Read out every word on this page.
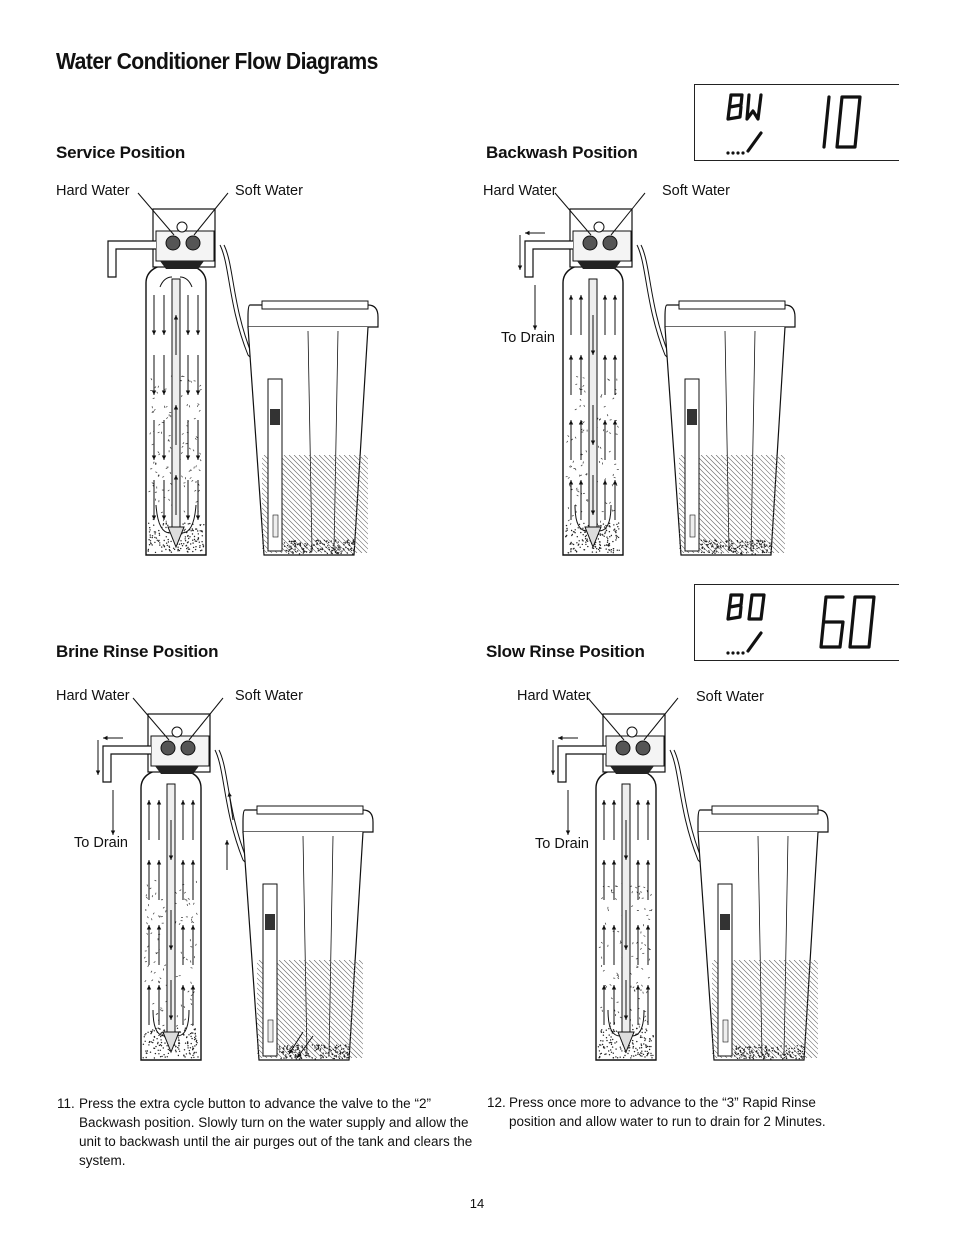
Water Conditioner Flow Diagrams
Service Position	Backwash Position
Brine Rinse Position	Slow Rinse Position
BW
Hard Water	Soft Water	Hard Water	Soft Water
To Drain
Hard Water	Soft Water
To Drain
Hard Water	Soft Water
To Drain
11. Press the extra cycle button to advance the valve to the “2” Backwash position. Slowly turn on the water supply and allow the unit to backwash until the air purges out of the tank and clears the system.
12. Press once more to advance to the “3” Rapid Rinse position and allow water to run to drain for 2 Minutes.
14
